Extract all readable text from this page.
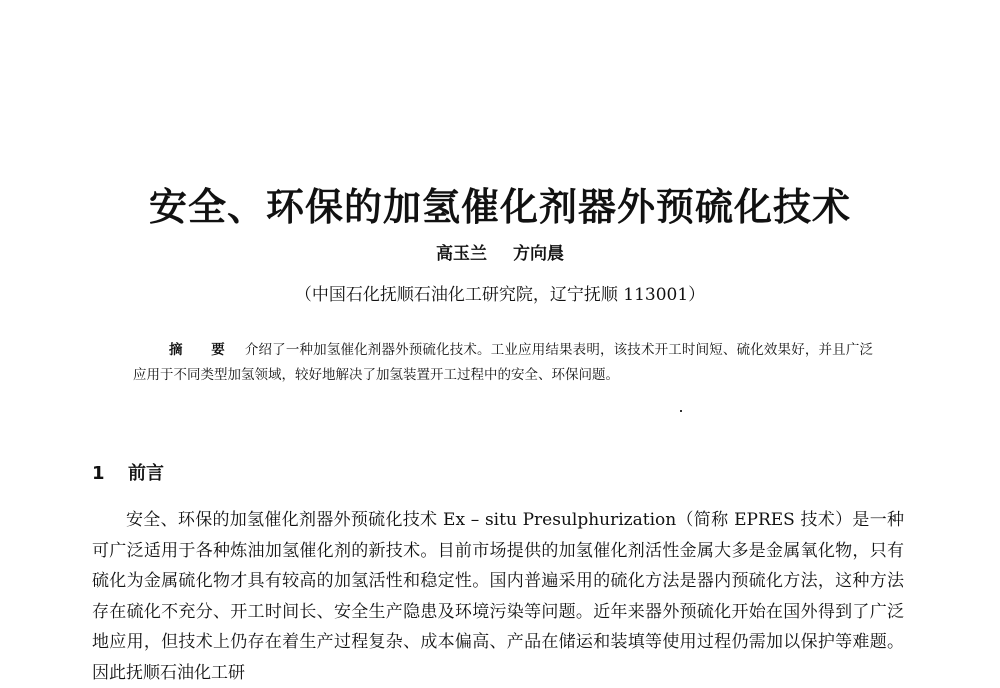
安全、环保的加氢催化剂器外预硫化技术
高玉兰 方向晨
（中国石化抚顺石油化工研究院，辽宁抚顺 113001）
摘 要 介绍了一种加氢催化剂器外预硫化技术。工业应用结果表明，该技术开工时间短、硫化效果好，并且广泛应用于不同类型加氢领域，较好地解决了加氢装置开工过程中的安全、环保问题。
1 前言
安全、环保的加氢催化剂器外预硫化技术 Ex – situ Presulphurization（简称 EPRES 技术）是一种可广泛适用于各种炼油加氢催化剂的新技术。目前市场提供的加氢催化剂活性金属大多是金属氧化物，只有硫化为金属硫化物才具有较高的加氢活性和稳定性。国内普遍采用的硫化方法是器内预硫化方法，这种方法存在硫化不充分、开工时间长、安全生产隐患及环境污染等问题。近年来器外预硫化开始在国外得到了广泛地应用，但技术上仍存在着生产过程复杂、成本偏高、产品在储运和装填等使用过程仍需加以保护等难题。因此抚顺石油化工研
